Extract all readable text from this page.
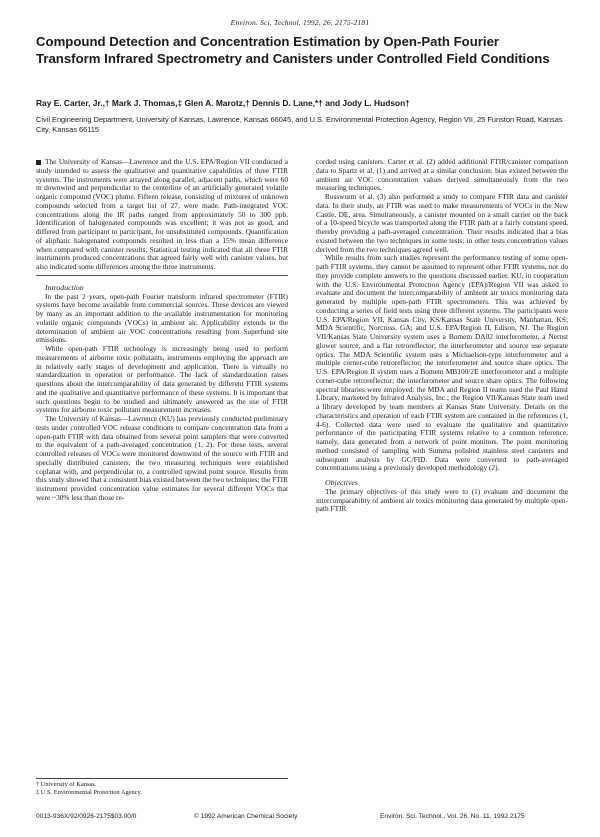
Environ. Sci. Technol. 1992, 26, 2175-2181
Compound Detection and Concentration Estimation by Open-Path Fourier Transform Infrared Spectrometry and Canisters under Controlled Field Conditions
Ray E. Carter, Jr.,† Mark J. Thomas,‡ Glen A. Marotz,† Dennis D. Lane,*† and Jody L. Hudson†
Civil Engineering Department, University of Kansas, Lawrence, Kansas 66045, and U.S. Environmental Protection Agency, Region VII, 25 Funston Road, Kansas City, Kansas 66115

The University of Kansas—Lawrence and the U.S. EPA/Region VII conducted a study intended to assess the qualitative and quantitative capabilities of three FTIR systems. The instruments were arrayed along parallel, adjacent paths, which were 60 m downwind and perpendicular to the centerline of an artificially generated volatile organic compound (VOC) plume. Fifteen release, consisting of mixtures of unknown compounds selected from a target list of 27, were made. Path-integrated VOC concentrations along the IR paths ranged from approximately 50 to 300 ppb. Identification of halogenated compounds was excellent; it was not as good, and differed from participant to participant, for unsubstituted compounds. Quantification of aliphatic halogenated compounds resulted in less than a 15% mean difference when compared with canister results. Statistical testing indicated that all three FTIR instruments produced concentrations that agreed fairly well with canister values, but also indicated some differences among the three instruments.

Introduction

In the past 2 years, open-path Fourier transform infrared spectrometer (FTIR) systems have become available from commercial sources. These devices are viewed by many as an important addition to the available instrumentation for monitoring volatile organic compounds (VOCs) in ambient air. Applicability extends to the determination of ambient air VOC concentrations resulting from Superfund site emissions.

While open-path FTIR technology is increasingly being used to perform measurements of airborne toxic pollutants, instruments employing the approach are in relatively early stages of development and application. There is virtually no standardization in operation or performance. The lack of standardization raises questions about the intercomparability of data generated by different FTIR systems and the qualitative and quantitative performance of these systems. It is important that such questions begin to be studied and ultimately answered as the use of FTIR systems for airborne toxic pollutant measurement increases.

The University of Kansas—Lawrence (KU) has previously conducted preliminary tests under controlled VOC release conditions to compare concentration data from a open-path FTIR with data obtained from several point samplers that were converted to the equivalent of a path-averaged concentration (1, 2). For these tests, several controlled releases of VOCs were monitored downwind of the source with FTIR and specially distributed canisters; the two measuring techniques were established coplanar with, and perpendicular to, a controlled upwind point source. Results from this study showed that a consistent bias existed between the two techniques: the FTIR instrument provided concentration value estimates for several different VOCs that were ~30% less than those re-

corded using canisters. Carter et al. (2) added additional FTIR/canister comparison data to Spartz et al. (1) and arrived at a similar conclusion: bias existed between the ambient air VOC concentration values derived simultaneously from the two measuring techniques.

Russwurm et al. (3) also performed a study to compare FTIR data and canister data. In their study, an FTIR was used to make measurements of VOCs in the New Castle, DE, area. Simultaneously, a canister mounted on a small carrier on the back of a 10-speed bicycle was transported along the FTIR path at a fairly constant speed, thereby providing a path-averaged concentration. Their results indicated that a bias existed between the two techniques in some tests; in other tests concentration values derived from the two techniques agreed well.

While results from such studies represent the performance testing of some open-path FTIR systems, they cannot be assumed to represent other FTIR systems, nor do they provide complete answers to the questions discussed earlier. KU, in cooperation with the U.S. Environmental Protection Agency (EPA)/Region VII was asked to evaluate and document the intercomparability of ambient air toxics monitoring data generated by multiple open-path FTIR spectrometers. This was achieved by conducting a series of field tests using three different systems. The participants were U.S. EPA/Region VII, Kansas City, KS/Kansas State University, Manhattan, KS; MDA Scientific, Norcross, GA; and U.S. EPA/Region II, Edison, NJ. The Region VII/Kansas State University system uses a Bomem DA02 interferometer, a Nernst glower source, and a flat retroreflector; the interferometer and source use separate optics. The MDA Scientific system uses a Michaelson-type interferometer and a multiple corner-cube retroreflector; the interferometer and source share optics. The U.S. EPA/Region II system uses a Bomem MB100/2E interferometer and a multiple corner-cube retroreflector; the interferometer and source share optics. The following spectral libraries were employed: the MDA and Region II teams used the Paul Hanst Library, marketed by Infrared Analysis, Inc.; the Region VII/Kansas State team used a library developed by team members at Kansas State University. Details on the characteristics and operation of each FTIR system are contained in the references (1, 4-6). Collected data were used to evaluate the qualitative and quantitative performance of the participating FTIR systems relative to a common reference, namely, data generated from a network of point monitors. The point monitoring method consisted of sampling with Summa polished stainless steel canisters and subsequent analysis by GC/FID. Data were converted to path-averaged concentrations using a previously developed methodology (2).

Objectives

The primary objectives of this study were to (1) evaluate and document the intercomparability of ambient air toxics monitoring data generated by multiple open-path FTIR

† University of Kansas.
‡ U.S. Environmental Protection Agency.
0013-936X/92/0926-2175$03.00/0	© 1992 American Chemical Society	Environ. Sci. Technol., Vol. 26, No. 11, 1992 2175
